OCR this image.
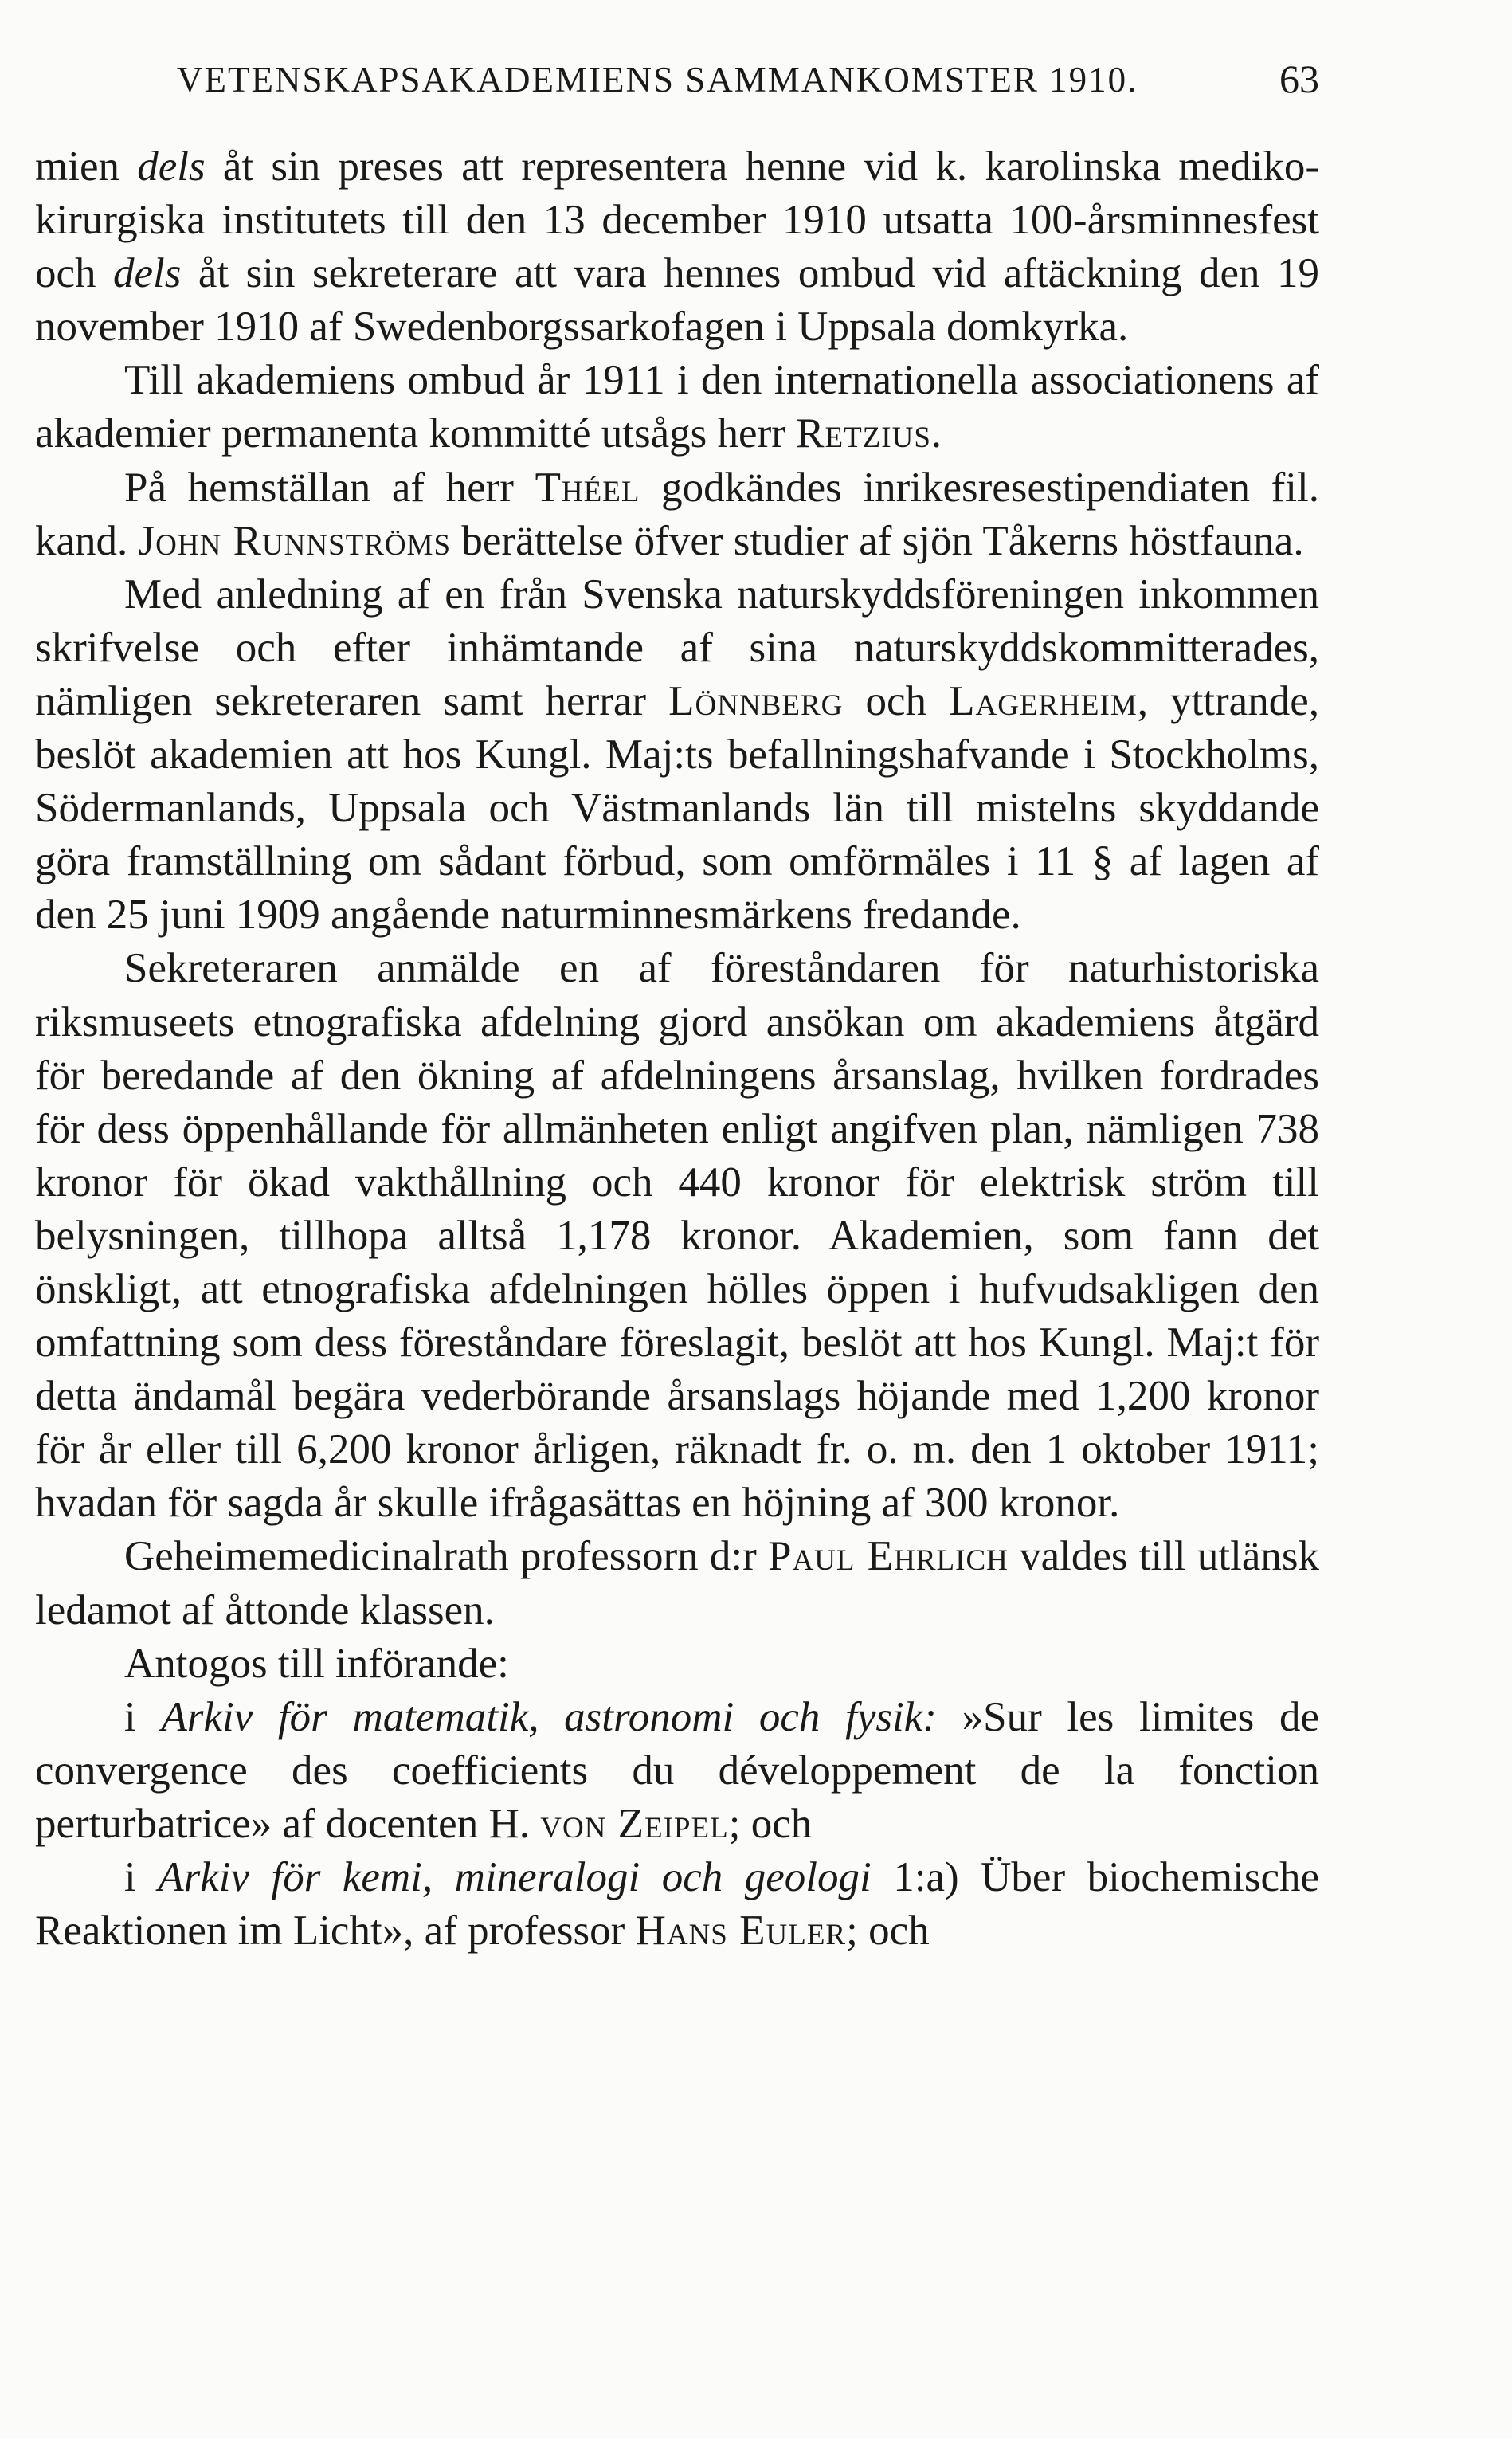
VETENSKAPSAKADEMIENS SAMMANKOMSTER 1910.	63

mien dels åt sin preses att representera henne vid k. karolinska mediko-kirurgiska institutets till den 13 december 1910 utsatta 100-årsminnesfest och dels åt sin sekreterare att vara hennes ombud vid aftäckning den 19 november 1910 af Swedenborgssarkofagen i Uppsala domkyrka.

Till akademiens ombud år 1911 i den internationella associationens af akademier permanenta kommitté utsågs herr Retzius.

På hemställan af herr Théel godkändes inrikesresestipendiaten fil. kand. John Runnströms berättelse öfver studier af sjön Tåkerns höstfauna.

Med anledning af en från Svenska naturskyddsföreningen inkommen skrifvelse och efter inhämtande af sina naturskyddskommitterades, nämligen sekreteraren samt herrar Lönnberg och Lagerheim, yttrande, beslöt akademien att hos Kungl. Maj:ts befallningshafvande i Stockholms, Södermanlands, Uppsala och Västmanlands län till mistelns skyddande göra framställning om sådant förbud, som omförmäles i 11 § af lagen af den 25 juni 1909 angående naturminnesmärkens fredande.

Sekreteraren anmälde en af föreståndaren för naturhistoriska riksmuseets etnografiska afdelning gjord ansökan om akademiens åtgärd för beredande af den ökning af afdelningens årsanslag, hvilken fordrades för dess öppenhållande för allmänheten enligt angifven plan, nämligen 738 kronor för ökad vakthållning och 440 kronor för elektrisk ström till belysningen, tillhopa alltså 1,178 kronor. Akademien, som fann det önskligt, att etnografiska afdelningen hölles öppen i hufvudsakligen den omfattning som dess föreståndare föreslagit, beslöt att hos Kungl. Maj:t för detta ändamål begära vederbörande årsanslags höjande med 1,200 kronor för år eller till 6,200 kronor årligen, räknadt fr. o. m. den 1 oktober 1911; hvadan för sagda år skulle ifrågasättas en höjning af 300 kronor.

Geheimemedicinalrath professorn d:r Paul Ehrlich valdes till utlänsk ledamot af åttonde klassen.

Antogos till införande:

i Arkiv för matematik, astronomi och fysik: »Sur les limites de convergence des coefficients du développement de la fonction perturbatrice» af docenten H. von Zeipel; och

i Arkiv för kemi, mineralogi och geologi 1:a) Über biochemische Reaktionen im Licht», af professor Hans Euler; och
